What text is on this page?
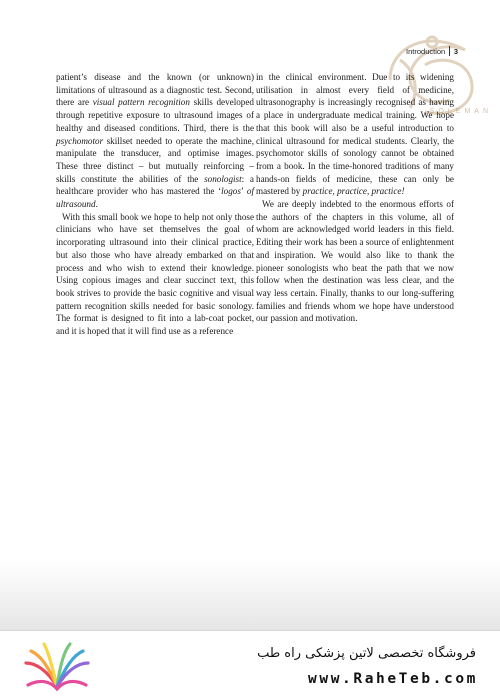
SOLEMAN
Introduction 3

patient’s disease and the known (or unknown) limitations of ultrasound as a diagnostic test. Second, there are visual pattern recognition skills developed through repetitive exposure to ultrasound images of healthy and diseased conditions. Third, there is the psychomotor skillset needed to operate the machine, manipulate the transducer, and optimise images. These three distinct – but mutually reinforcing – skills constitute the abilities of the sonologist: a healthcare provider who has mastered the ‘logos’ of ultrasound.

With this small book we hope to help not only those clinicians who have set themselves the goal of incorporating ultrasound into their clinical practice, but also those who have already embarked on that process and who wish to extend their knowledge. Using copious images and clear succinct text, this book strives to provide the basic cognitive and visual pattern recognition skills needed for basic sonology. The format is designed to fit into a lab-coat pocket, and it is hoped that it will find use as a reference

in the clinical environment. Due to its widening utilisation in almost every field of medicine, ultrasonography is increasingly recognised as having a place in undergraduate medical training. We hope that this book will also be a useful introduction to clinical ultrasound for medical students. Clearly, the psychomotor skills of sonology cannot be obtained from a book. In the time-honored traditions of many hands-on fields of medicine, these can only be mastered by practice, practice, practice!

We are deeply indebted to the enormous efforts of the authors of the chapters in this volume, all of whom are acknowledged world leaders in this field. Editing their work has been a source of enlightenment and inspiration. We would also like to thank the pioneer sonologists who beat the path that we now follow when the destination was less clear, and the way less certain. Finally, thanks to our long-suffering families and friends whom we hope have understood our passion and motivation.

فروشگاه تخصصی لاتین پزشکی راه طب
www.RaheTeb.com
